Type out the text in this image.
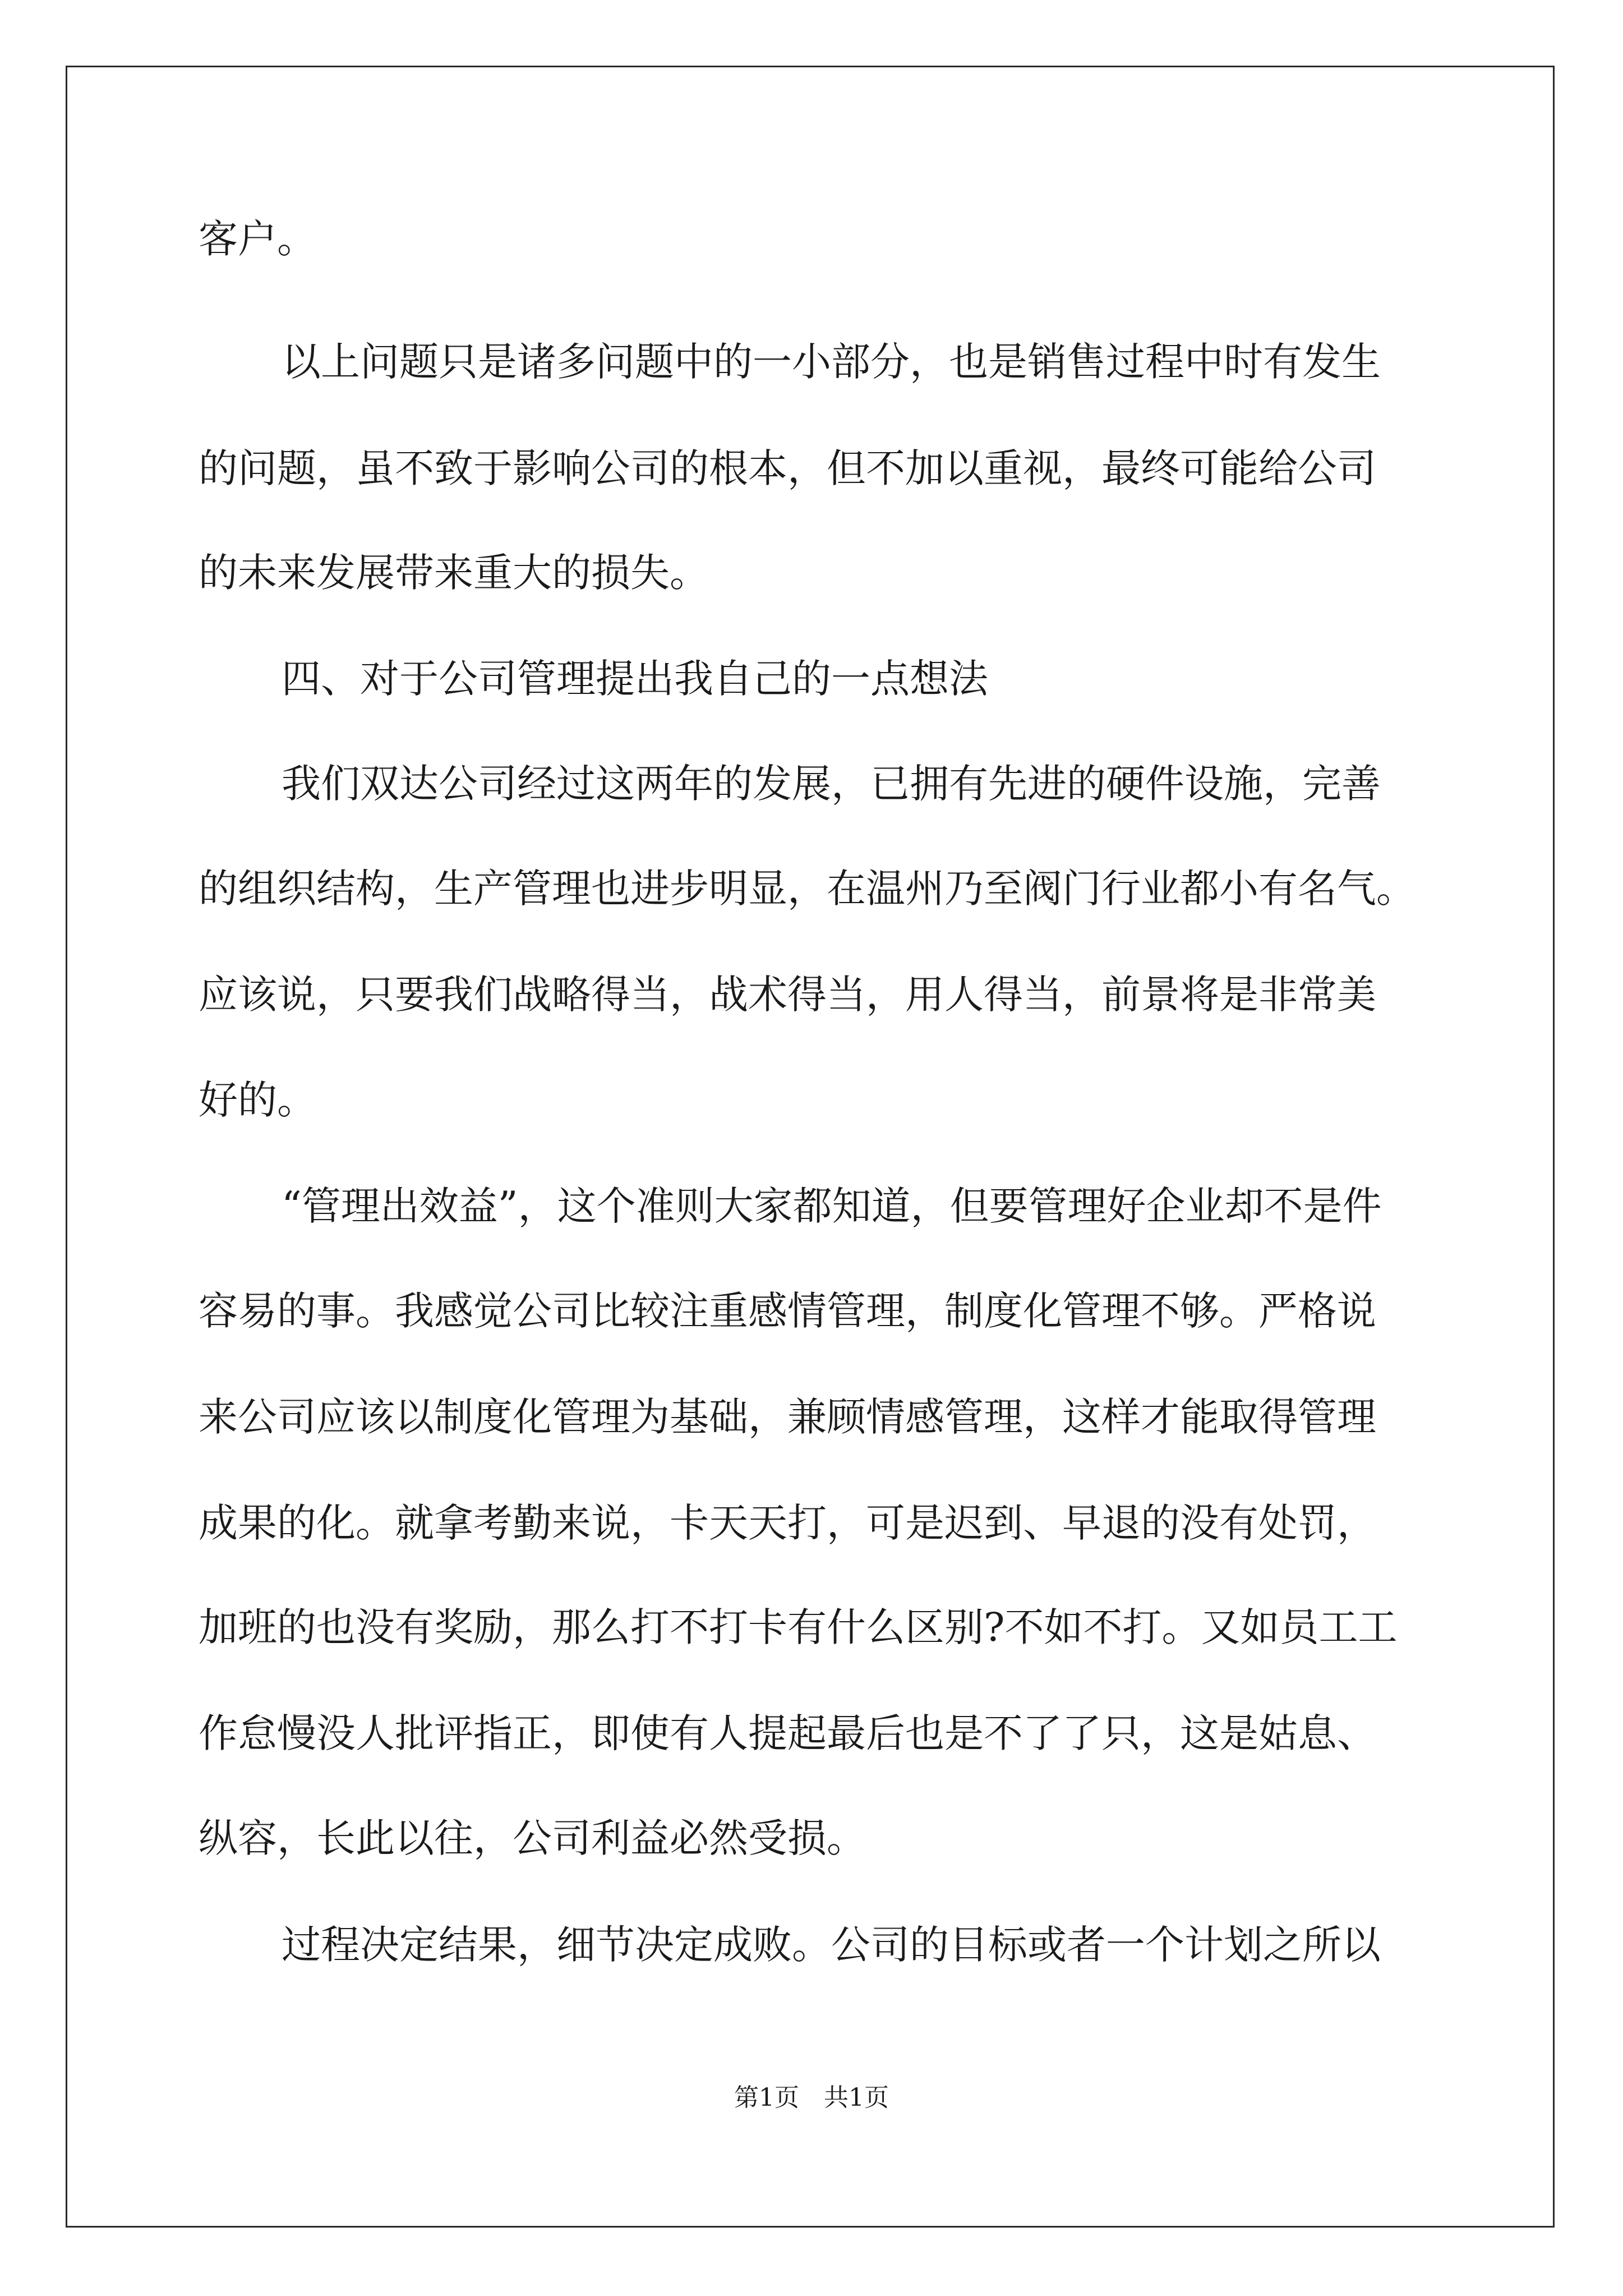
客户。

以上问题只是诸多问题中的一小部分，也是销售过程中时有发生

的问题，虽不致于影响公司的根本，但不加以重视，最终可能给公司

的未来发展带来重大的损失。

四、对于公司管理提出我自己的一点想法

我们双达公司经过这两年的发展，已拥有先进的硬件设施，完善

的组织结构，生产管理也进步明显，在温州乃至阀门行业都小有名气。

应该说，只要我们战略得当，战术得当，用人得当，前景将是非常美

好的。

“管理出效益”，这个准则大家都知道，但要管理好企业却不是件

容易的事。我感觉公司比较注重感情管理，制度化管理不够。严格说

来公司应该以制度化管理为基础，兼顾情感管理，这样才能取得管理

成果的化。就拿考勤来说，卡天天打，可是迟到、早退的没有处罚，

加班的也没有奖励，那么打不打卡有什么区别?不如不打。又如员工工

作怠慢没人批评指正，即使有人提起最后也是不了了只，这是姑息、

纵容，长此以往，公司利益必然受损。

过程决定结果，细节决定成败。公司的目标或者一个计划之所以

第1页　共1页
